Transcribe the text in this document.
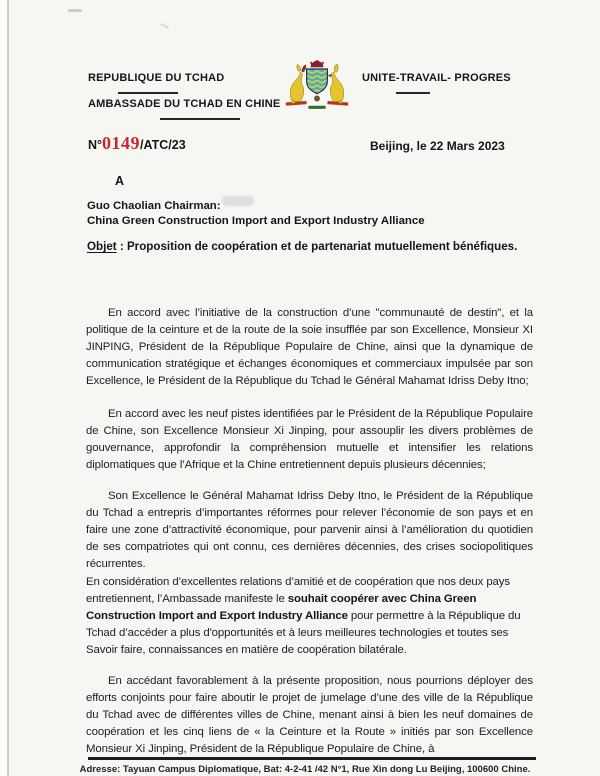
REPUBLIQUE DU TCHAD
AMBASSADE DU TCHAD EN CHINE
UNITE-TRAVAIL- PROGRES
N° 0149 /ATC/23	Beijing, le 22 Mars 2023
A
Guo Chaolian Chairman:
China Green Construction Import and Export Industry Alliance
Objet : Proposition de coopération et de partenariat mutuellement bénéfiques.
En accord avec l’initiative de la construction d’une "communauté de destin", et la politique de la ceinture et de la route de la soie insufflée par son Excellence, Monsieur XI JINPING, Président de la République Populaire de Chine, ainsi que la dynamique de communication stratégique et échanges économiques et commerciaux impulsée par son Excellence, le Président de la République du Tchad le Général Mahamat Idriss Deby Itno;
En accord avec les neuf pistes identifiées par le Président de la République Populaire de Chine, son Excellence Monsieur Xi Jinping, pour assouplir les divers problèmes de gouvernance, approfondir la compréhension mutuelle et intensifier les relations diplomatiques que l’Afrique et la Chine entretiennent depuis plusieurs décennies;
Son Excellence le Général Mahamat Idriss Deby Itno, le Président de la République du Tchad a entrepris d’importantes réformes pour relever l’économie de son pays et en faire une zone d’attractivité économique, pour parvenir ainsi à l’amélioration du quotidien de ses compatriotes qui ont connu, ces dernières décennies, des crises sociopolitiques récurrentes.
En considération d’excellentes relations d’amitié et de coopération que nos deux pays entretiennent, l’Ambassade manifeste le souhait coopérer avec China Green Construction Import and Export Industry Alliance pour permettre à la République du Tchad d’accéder a plus d'opportunités et à leurs meilleures technologies et toutes ses Savoir faire, connaissances en matière de coopération bilatérale.
En accédant favorablement à la présente proposition, nous pourrions déployer des efforts conjoints pour faire aboutir le projet de jumelage d’une des ville de la République du Tchad avec de différentes villes de Chine, menant ainsi à bien les neuf domaines de coopération et les cinq liens de « la Ceinture et la Route » initiés par son Excellence Monsieur Xi Jinping, Président de la République Populaire de Chine, à
Adresse: Tayuan Campus Diplomatique, Bat: 4-2-41 /42 N°1, Rue Xin dong Lu Beijing, 100600 Chine.
